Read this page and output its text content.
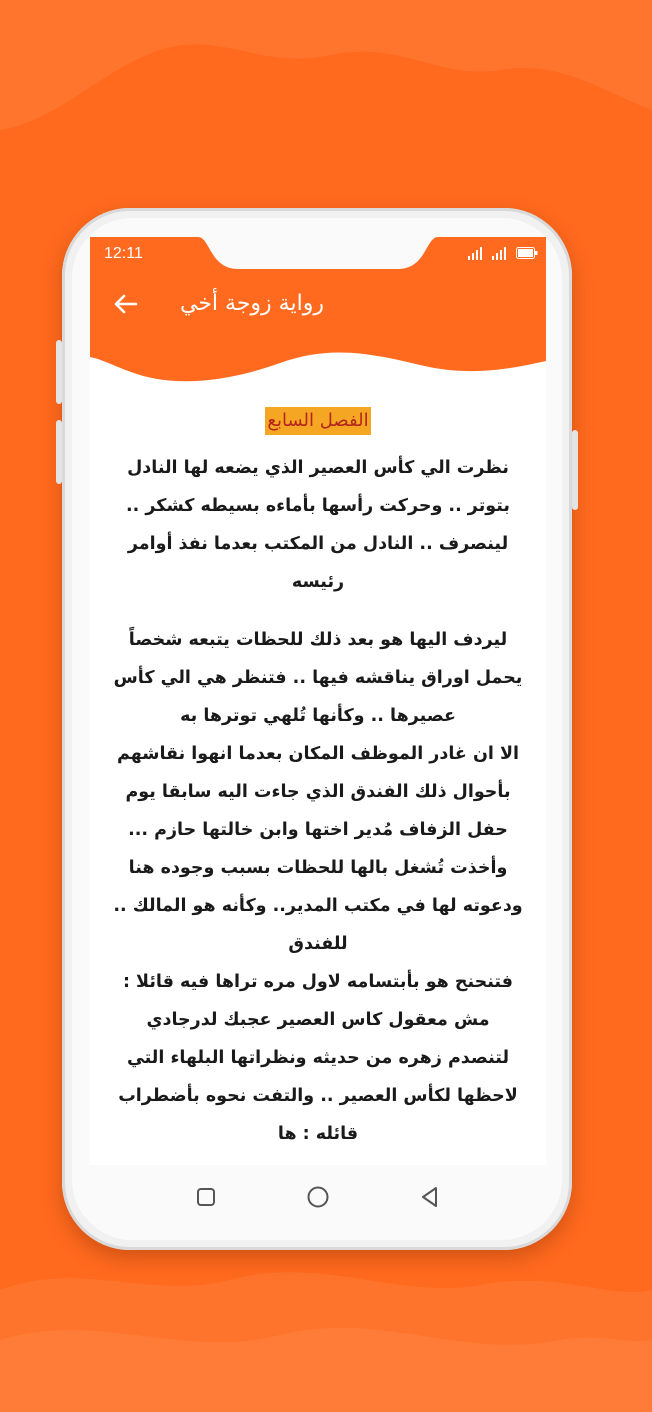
12:11
رواية زوجة أخي
الفصل السابع

نظرت الي كأس العصير الذي يضعه لها النادل بتوتر .. وحركت رأسها بأماءه بسيطه كشكر .. لينصرف .. النادل من المكتب بعدما نفذ أوامر رئيسه

ليردف اليها هو بعد ذلك للحظات يتبعه شخصاً يحمل اوراق يناقشه فيها .. فتنظر هي الي كأس عصيرها .. وكأنها تُلهي توترها به

الا ان غادر الموظف المكان بعدما انهوا نقاشهم بأحوال ذلك الفندق الذي جاءت اليه سابقا يوم حفل الزفاف مُدير اختها وابن خالتها حازم ... وأخذت تُشغل بالها للحظات بسبب وجوده هنا ودعوته لها في مكتب المدير.. وكأنه هو المالك .. للفندق

فتنحنح هو بأبتسامه لاول مره تراها فيه قائلا : مش معقول كاس العصير عجبك لدرجادي

لتنصدم زهره من حديثه ونظراتها البلهاء التي لاحظها لكأس العصير .. والتفت نحوه بأضطراب قائله : ها
